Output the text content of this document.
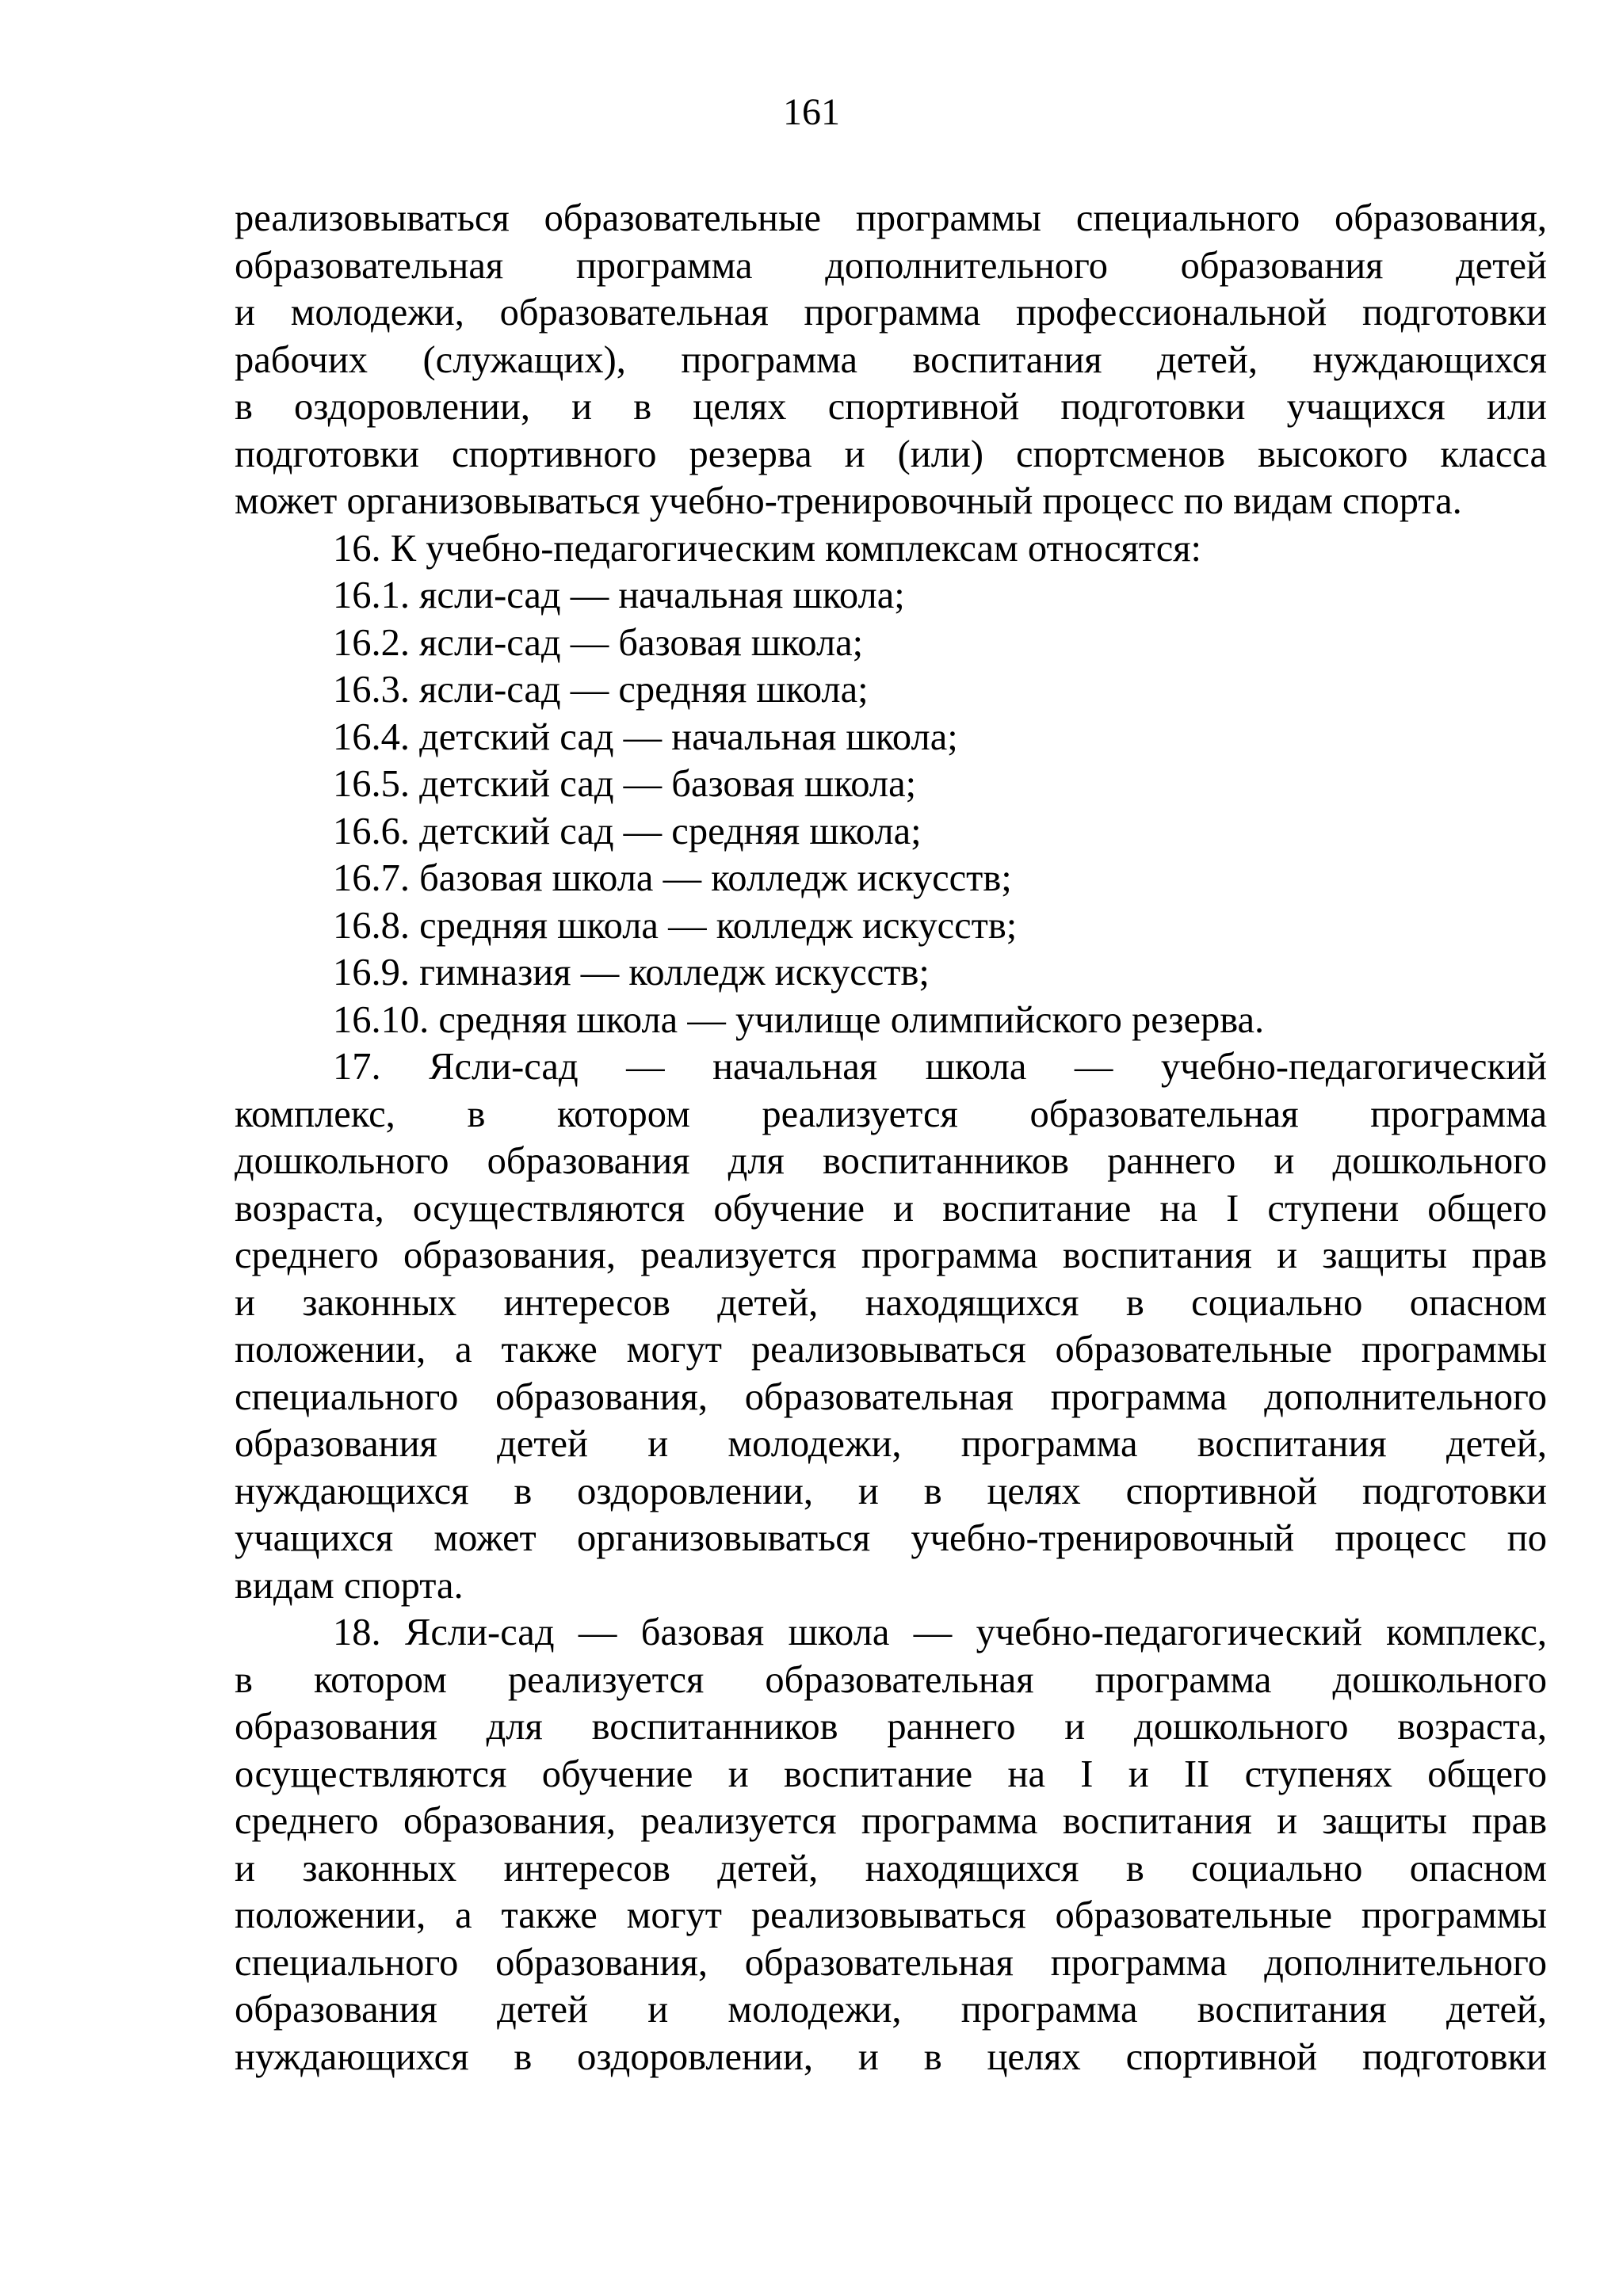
161
реализовываться образовательные программы специального образования,
образовательная программа дополнительного образования детей
и молодежи, образовательная программа профессиональной подготовки
рабочих (служащих), программа воспитания детей, нуждающихся
в оздоровлении, и в целях спортивной подготовки учащихся или
подготовки спортивного резерва и (или) спортсменов высокого класса
может организовываться учебно-тренировочный процесс по видам спорта.
16. К учебно-педагогическим комплексам относятся:
16.1. ясли-сад — начальная школа;
16.2. ясли-сад — базовая школа;
16.3. ясли-сад — средняя школа;
16.4. детский сад — начальная школа;
16.5. детский сад — базовая школа;
16.6. детский сад — средняя школа;
16.7. базовая школа — колледж искусств;
16.8. средняя школа — колледж искусств;
16.9. гимназия — колледж искусств;
16.10. средняя школа — училище олимпийского резерва.
17. Ясли-сад — начальная школа — учебно-педагогический
комплекс, в котором реализуется образовательная программа
дошкольного образования для воспитанников раннего и дошкольного
возраста, осуществляются обучение и воспитание на I ступени общего
среднего образования, реализуется программа воспитания и защиты прав
и законных интересов детей, находящихся в социально опасном
положении, а также могут реализовываться образовательные программы
специального образования, образовательная программа дополнительного
образования детей и молодежи, программа воспитания детей,
нуждающихся в оздоровлении, и в целях спортивной подготовки
учащихся может организовываться учебно-тренировочный процесс по
видам спорта.
18. Ясли-сад — базовая школа — учебно-педагогический комплекс,
в котором реализуется образовательная программа дошкольного
образования для воспитанников раннего и дошкольного возраста,
осуществляются обучение и воспитание на I и II ступенях общего
среднего образования, реализуется программа воспитания и защиты прав
и законных интересов детей, находящихся в социально опасном
положении, а также могут реализовываться образовательные программы
специального образования, образовательная программа дополнительного
образования детей и молодежи, программа воспитания детей,
нуждающихся в оздоровлении, и в целях спортивной подготовки
